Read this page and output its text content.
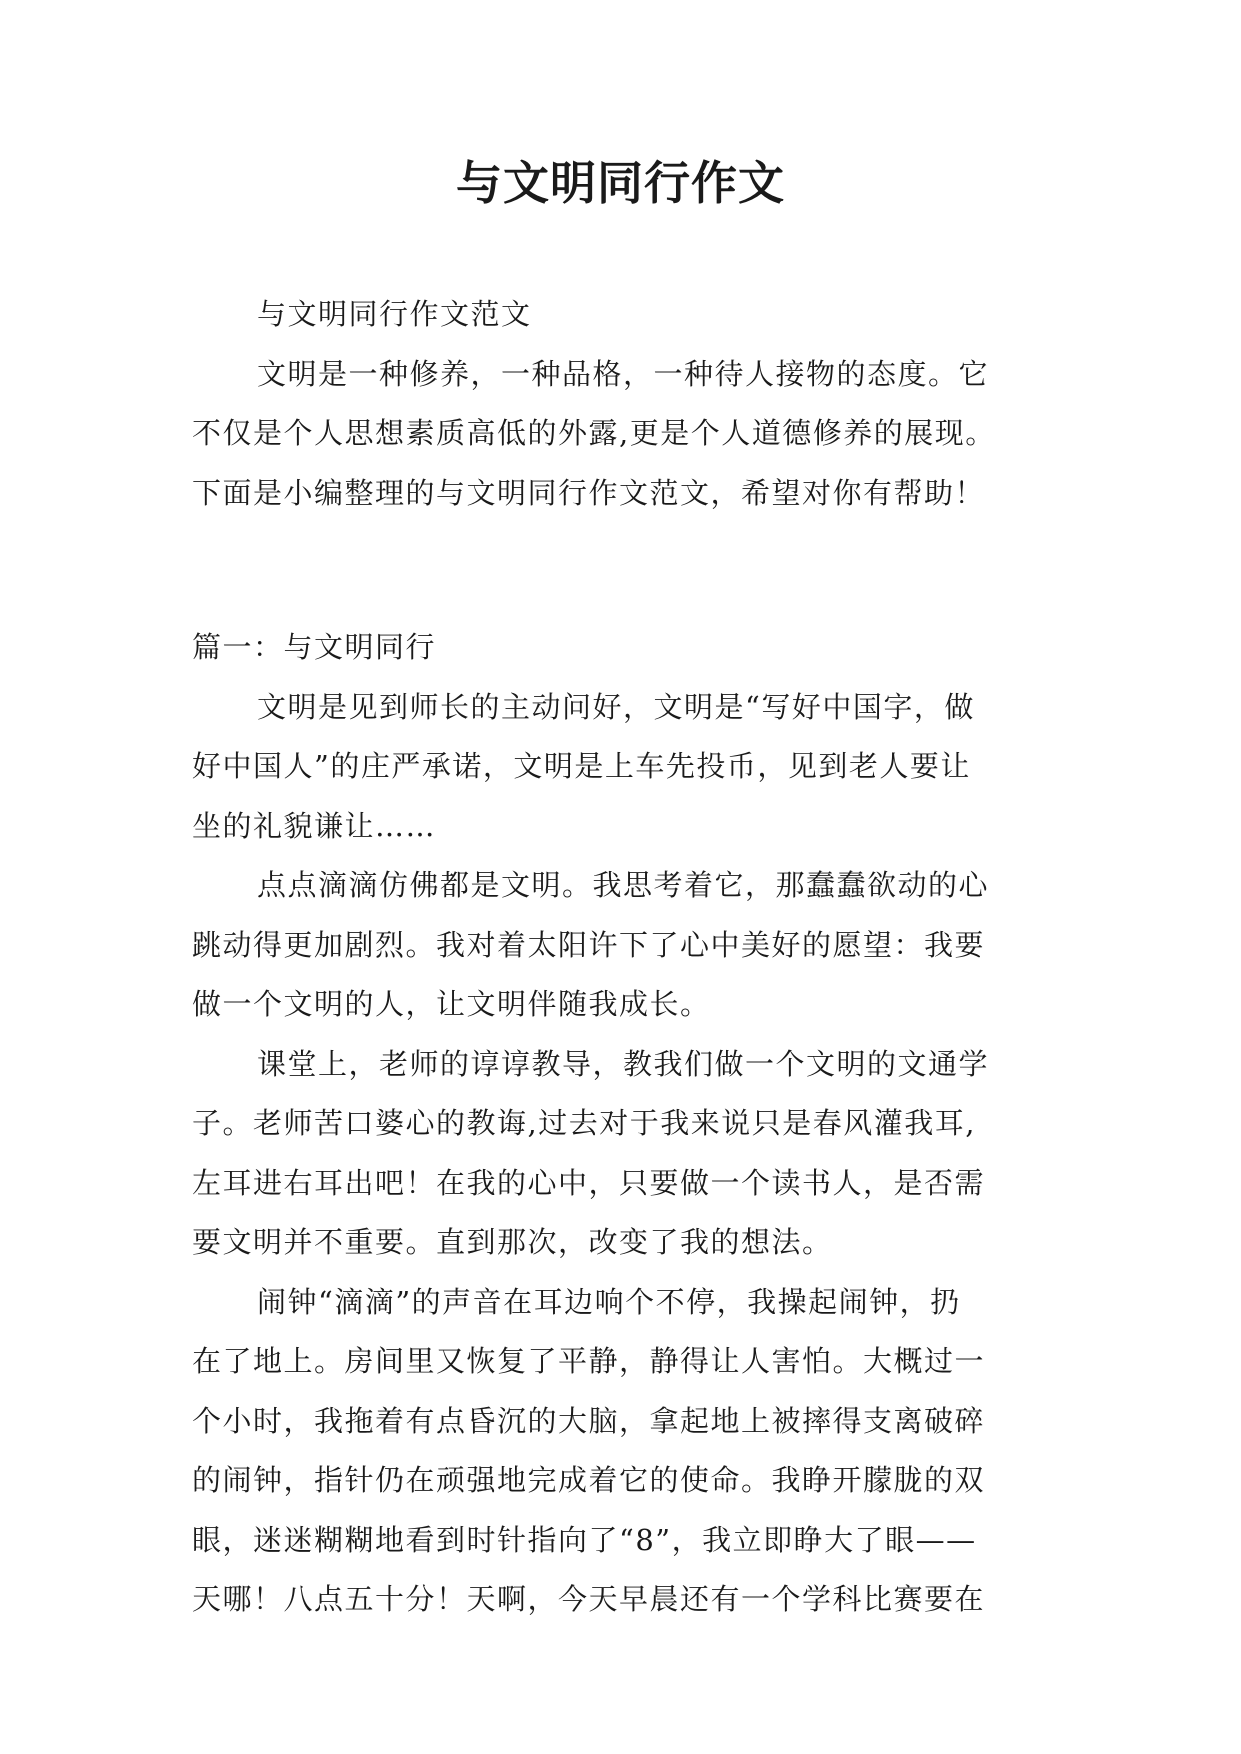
与文明同行作文
与文明同行作文范文
文明是一种修养，一种品格，一种待人接物的态度。它
不仅是个人思想素质高低的外露,更是个人道德修养的展现。
下面是小编整理的与文明同行作文范文，希望对你有帮助！
篇一：与文明同行
文明是见到师长的主动问好，文明是“写好中国字，做
好中国人”的庄严承诺，文明是上车先投币，见到老人要让
坐的礼貌谦让……
点点滴滴仿佛都是文明。我思考着它，那蠢蠢欲动的心
跳动得更加剧烈。我对着太阳许下了心中美好的愿望：我要
做一个文明的人，让文明伴随我成长。
课堂上，老师的谆谆教导，教我们做一个文明的文通学
子。老师苦口婆心的教诲,过去对于我来说只是春风灌我耳,
左耳进右耳出吧！在我的心中，只要做一个读书人，是否需
要文明并不重要。直到那次，改变了我的想法。
闹钟“滴滴”的声音在耳边响个不停，我操起闹钟，扔
在了地上。房间里又恢复了平静，静得让人害怕。大概过一
个小时，我拖着有点昏沉的大脑，拿起地上被摔得支离破碎
的闹钟，指针仍在顽强地完成着它的使命。我睁开朦胧的双
眼，迷迷糊糊地看到时针指向了“8”，我立即睁大了眼——
天哪！八点五十分！天啊，今天早晨还有一个学科比赛要在
